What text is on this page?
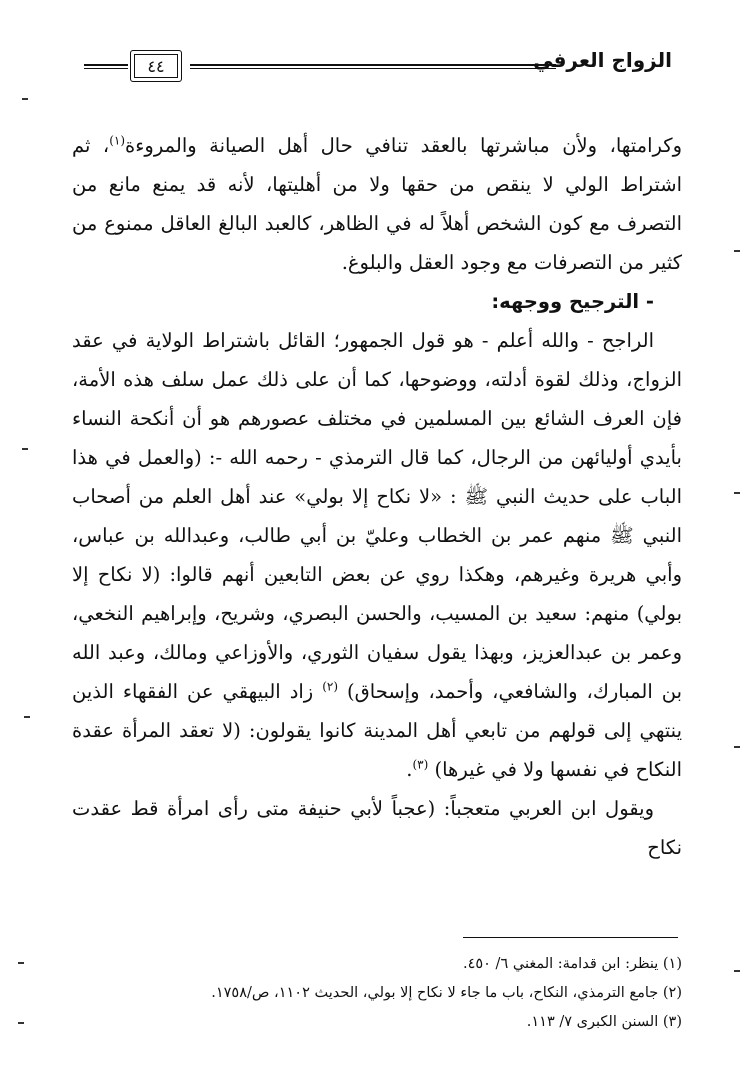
الزواج العرفي
٤٤

وكرامتها، ولأن مباشرتها بالعقد تنافي حال أهل الصيانة والمروءة$^{(١)}$، ثم اشتراط الولي لا ينقص من حقها ولا من أهليتها، لأنه قد يمنع مانع من التصرف مع كون الشخص أهلاً له في الظاهر، كالعبد البالغ العاقل ممنوع من كثير من التصرفات مع وجود العقل والبلوغ.

- الترجيح ووجهه:

الراجح - والله أعلم - هو قول الجمهور؛ القائل باشتراط الولاية في عقد الزواج، وذلك لقوة أدلته، ووضوحها، كما أن على ذلك عمل سلف هذه الأمة، فإن العرف الشائع بين المسلمين في مختلف عصورهم هو أن أنكحة النساء بأيدي أوليائهن من الرجال، كما قال الترمذي - رحمه الله -: (والعمل في هذا الباب على حديث النبي ﷺ : «لا نكاح إلا بولي» عند أهل العلم من أصحاب النبي ﷺ منهم عمر بن الخطاب وعليّ بن أبي طالب، وعبدالله بن عباس، وأبي هريرة وغيرهم، وهكذا روي عن بعض التابعين أنهم قالوا: (لا نكاح إلا بولي) منهم: سعيد بن المسيب، والحسن البصري، وشريح، وإبراهيم النخعي، وعمر بن عبدالعزيز، وبهذا يقول سفيان الثوري، والأوزاعي ومالك، وعبد الله بن المبارك، والشافعي، وأحمد، وإسحاق) $^{(٢)}$ زاد البيهقي عن الفقهاء الذين ينتهي إلى قولهم من تابعي أهل المدينة كانوا يقولون: (لا تعقد المرأة عقدة النكاح في نفسها ولا في غيرها) $^{(٣)}$.

ويقول ابن العربي متعجباً: (عجباً لأبي حنيفة متى رأى امرأة قط عقدت نكاح

(١) ينظر: ابن قدامة: المغني ٦/ ٤٥٠.
(٢) جامع الترمذي، النكاح، باب ما جاء لا نكاح إلا بولي، الحديث ١١٠٢، ص/١٧٥٨.
(٣) السنن الكبرى ٧/ ١١٣.
